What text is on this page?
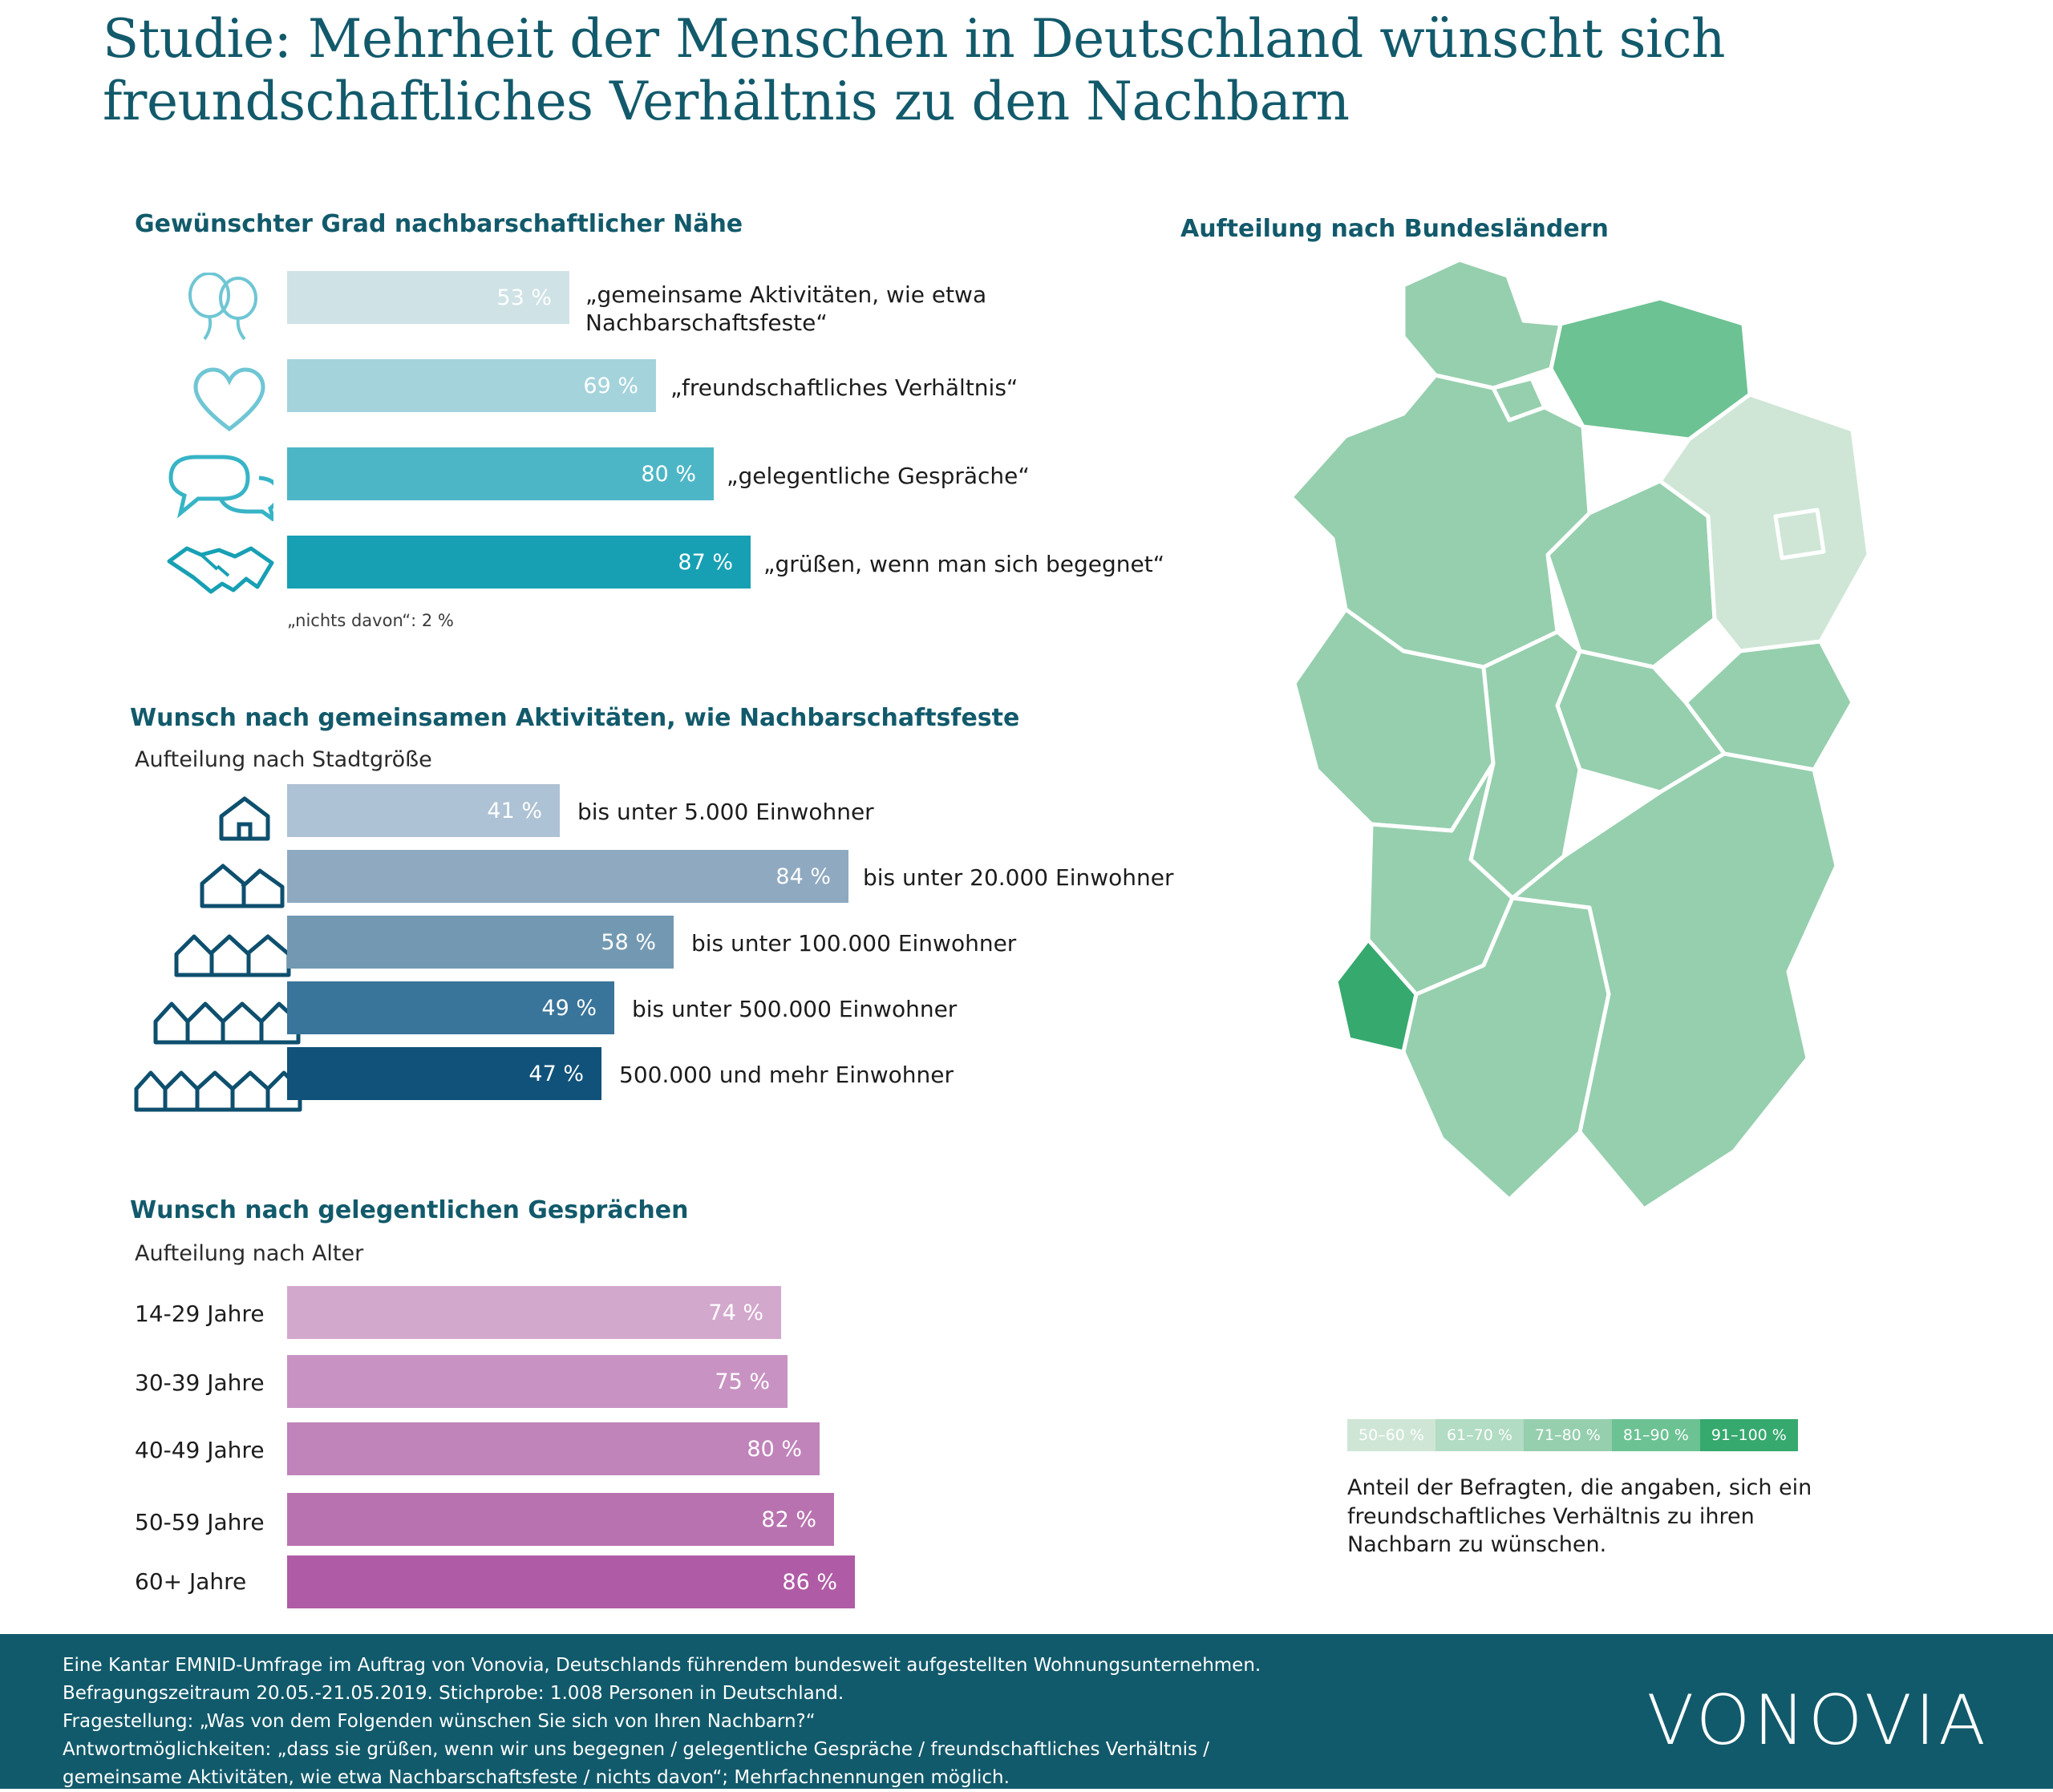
Studie: Mehrheit der Menschen in Deutschland wünscht sich freundschaftliches Verhältnis zu den Nachbarn
Gewünschter Grad nachbarschaftlicher Nähe
53 %	„gemeinsame Aktivitäten, wie etwa Nachbarschaftsfeste“
69 %	„freundschaftliches Verhältnis“
80 %	„gelegentliche Gespräche“
87 %	„grüßen, wenn man sich begegnet“
„nichts davon“: 2 %
Wunsch nach gemeinsamen Aktivitäten, wie Nachbarschaftsfeste
Aufteilung nach Stadtgröße
41 %	bis unter 5.000 Einwohner
84 %	bis unter 20.000 Einwohner
58 %	bis unter 100.000 Einwohner
49 %	bis unter 500.000 Einwohner
47 %	500.000 und mehr Einwohner
Wunsch nach gelegentlichen Gesprächen
Aufteilung nach Alter
14-29 Jahre	74 %
30-39 Jahre	75 %
40-49 Jahre	80 %
50-59 Jahre	82 %
60+ Jahre	86 %
Aufteilung nach Bundesländern
50–60 %	61–70 %	71–80 %	81–90 %	91–100 %
Anteil der Befragten, die angaben, sich ein freundschaftliches Verhältnis zu ihren Nachbarn zu wünschen.
Eine Kantar EMNID-Umfrage im Auftrag von Vonovia, Deutschlands führendem bundesweit aufgestellten Wohnungsunternehmen.
Befragungszeitraum 20.05.-21.05.2019. Stichprobe: 1.008 Personen in Deutschland.
Fragestellung: „Was von dem Folgenden wünschen Sie sich von Ihren Nachbarn?“
Antwortmöglichkeiten: „dass sie grüßen, wenn wir uns begegnen / gelegentliche Gespräche / freundschaftliches Verhältnis /
gemeinsame Aktivitäten, wie etwa Nachbarschaftsfeste / nichts davon“; Mehrfachnennungen möglich.
VONOVIA
